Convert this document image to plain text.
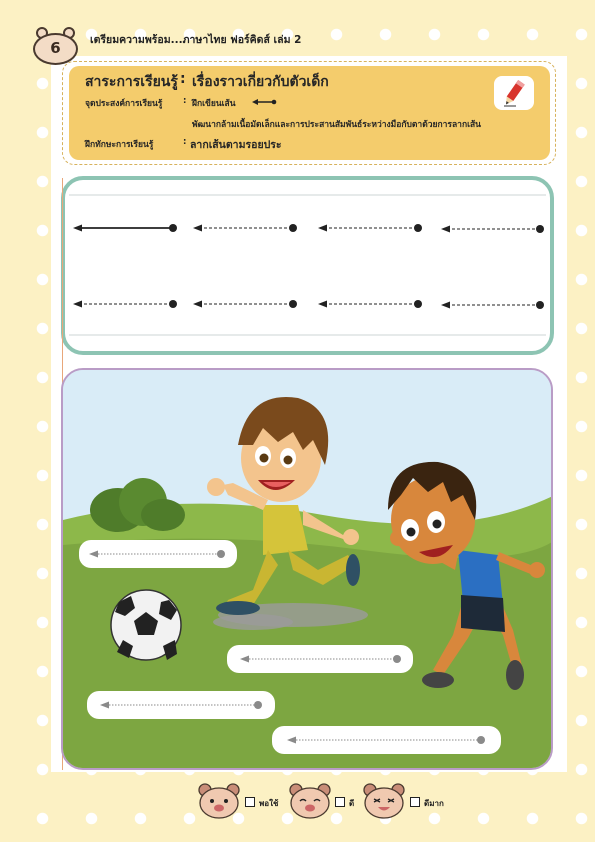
6	เตรียมความพร้อม...ภาษาไทย ฟอร์คิดส์ เล่ม 2
สาระการเรียนรู้ : เรื่องราวเกี่ยวกับตัวเด็ก
จุดประสงค์การเรียนรู้ : ฝึกเขียนเส้น
พัฒนากล้ามเนื้อมัดเล็กและการประสานสัมพันธ์ระหว่างมือกับตาด้วยการลากเส้น
ฝึกทักษะการเรียนรู้	: ลากเส้นตามรอยประ
พอใช้	ดี	ดีมาก
